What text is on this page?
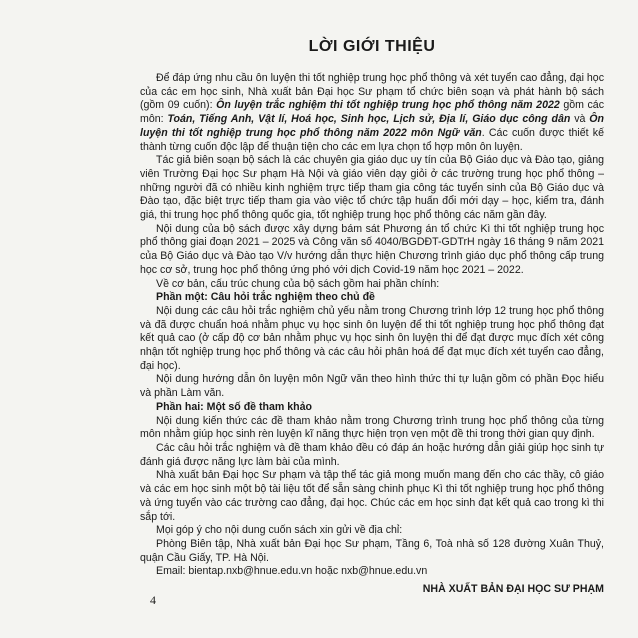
LỜI GIỚI THIỆU

Để đáp ứng nhu cầu ôn luyện thi tốt nghiệp trung học phổ thông và xét tuyển cao đẳng, đại học của các em học sinh, Nhà xuất bản Đại học Sư phạm tổ chức biên soạn và phát hành bộ sách (gồm 09 cuốn): Ôn luyện trắc nghiệm thi tốt nghiệp trung học phổ thông năm 2022 gồm các môn: Toán, Tiếng Anh, Vật lí, Hoá học, Sinh học, Lịch sử, Địa lí, Giáo dục công dân và Ôn luyện thi tốt nghiệp trung học phổ thông năm 2022 môn Ngữ văn. Các cuốn được thiết kế thành từng cuốn độc lập để thuận tiện cho các em lựa chọn tổ hợp môn ôn luyện.

Tác giả biên soạn bộ sách là các chuyên gia giáo dục uy tín của Bộ Giáo dục và Đào tạo, giảng viên Trường Đại học Sư phạm Hà Nội và giáo viên dạy giỏi ở các trường trung học phổ thông – những người đã có nhiều kinh nghiệm trực tiếp tham gia công tác tuyển sinh của Bộ Giáo dục và Đào tạo, đặc biệt trực tiếp tham gia vào việc tổ chức tập huấn đổi mới dạy – học, kiểm tra, đánh giá, thi trung học phổ thông quốc gia, tốt nghiệp trung học phổ thông các năm gần đây.

Nội dung của bộ sách được xây dựng bám sát Phương án tổ chức Kì thi tốt nghiệp trung học phổ thông giai đoạn 2021 – 2025 và Công văn số 4040/BGDĐT-GDTrH ngày 16 tháng 9 năm 2021 của Bộ Giáo dục và Đào tạo V/v hướng dẫn thực hiện Chương trình giáo dục phổ thông cấp trung học cơ sở, trung học phổ thông ứng phó với dịch Covid-19 năm học 2021 – 2022.

Về cơ bản, cấu trúc chung của bộ sách gồm hai phần chính:

Phần một: Câu hỏi trắc nghiệm theo chủ đề

Nội dung các câu hỏi trắc nghiệm chủ yếu nằm trong Chương trình lớp 12 trung học phổ thông và đã được chuẩn hoá nhằm phục vụ học sinh ôn luyện để thi tốt nghiệp trung học phổ thông đạt kết quả cao (ở cấp độ cơ bản nhằm phục vụ học sinh ôn luyện thi để đạt được mục đích xét công nhận tốt nghiệp trung học phổ thông và các câu hỏi phân hoá để đạt mục đích xét tuyển cao đẳng, đại học).

Nội dung hướng dẫn ôn luyện môn Ngữ văn theo hình thức thi tự luận gồm có phần Đọc hiểu và phần Làm văn.

Phần hai: Một số đề tham khảo

Nội dung kiến thức các đề tham khảo nằm trong Chương trình trung học phổ thông của từng môn nhằm giúp học sinh rèn luyện kĩ năng thực hiện trọn vẹn một đề thi trong thời gian quy định.

Các câu hỏi trắc nghiệm và đề tham khảo đều có đáp án hoặc hướng dẫn giải giúp học sinh tự đánh giá được năng lực làm bài của mình.

Nhà xuất bản Đại học Sư phạm và tập thể tác giả mong muốn mang đến cho các thầy, cô giáo và các em học sinh một bộ tài liệu tốt để sẵn sàng chinh phục Kì thi tốt nghiệp trung học phổ thông và ứng tuyển vào các trường cao đẳng, đại học. Chúc các em học sinh đạt kết quả cao trong kì thi sắp tới.

Mọi góp ý cho nội dung cuốn sách xin gửi về địa chỉ:

Phòng Biên tập, Nhà xuất bản Đại học Sư phạm, Tầng 6, Toà nhà số 128 đường Xuân Thuỷ, quận Cầu Giấy, TP. Hà Nội.

Email: bientap.nxb@hnue.edu.vn hoặc nxb@hnue.edu.vn

NHÀ XUẤT BẢN ĐẠI HỌC SƯ PHẠM
4
